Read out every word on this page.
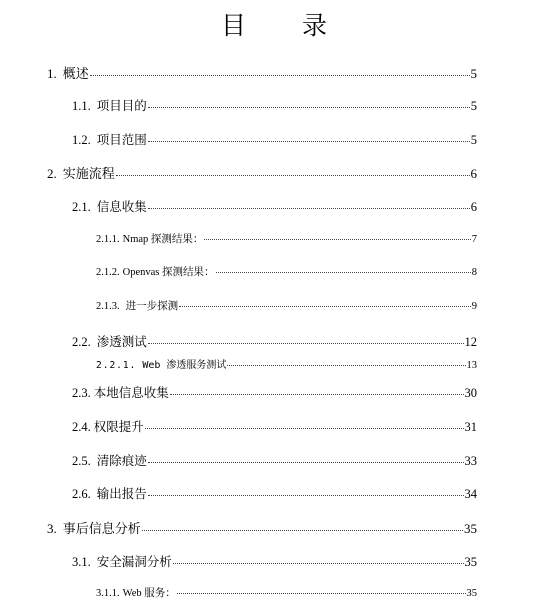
目 录
1. 概述	5
1.1. 项目目的	5
1.2. 项目范围	5
2. 实施流程	6
2.1. 信息收集	6
2.1.1. Nmap 探测结果：	7
2.1.2. Openvas 探测结果：	8
2.1.3. 进一步探测	9
2.2. 渗透测试	12
2.2.1. Web 渗透服务测试	13
2.3. 本地信息收集	30
2.4. 权限提升	31
2.5. 清除痕迹	33
2.6. 输出报告	34
3. 事后信息分析	35
3.1. 安全漏洞分析	35
3.1.1. Web 服务：	35
